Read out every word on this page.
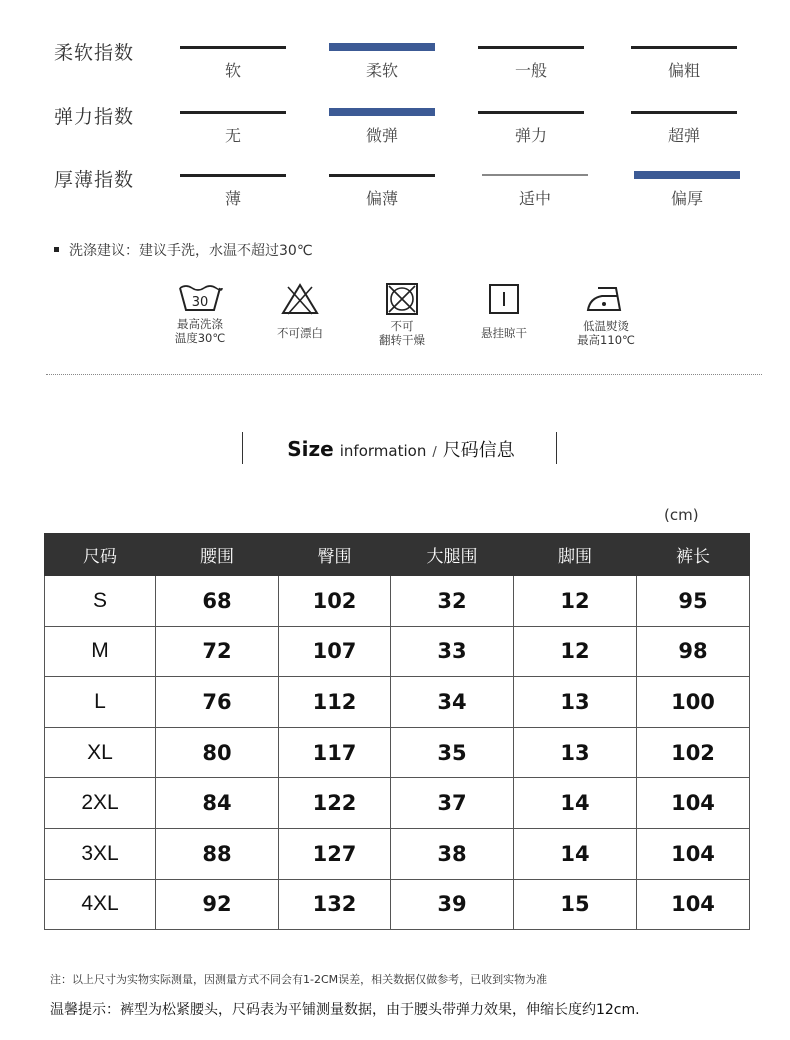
柔软指数
软	柔软	一般	偏粗
弹力指数
无	微弹	弹力	超弹
厚薄指数
薄	偏薄	适中	偏厚
洗涤建议：建议手洗，水温不超过30℃
30
最高洗涤
温度30℃	不可漂白	不可
翻转干燥	悬挂晾干	低温熨烫
最高110℃
Size information / 尺码信息
(cm)
尺码	腰围	臀围	大腿围	脚围	裤长
S	68	102	32	12	95
M	72	107	33	12	98
L	76	112	34	13	100
XL	80	117	35	13	102
2XL	84	122	37	14	104
3XL	88	127	38	14	104
4XL	92	132	39	15	104
注：以上尺寸为实物实际测量，因测量方式不同会有1-2CM误差，相关数据仅做参考，已收到实物为准
温馨提示：裤型为松紧腰头，尺码表为平铺测量数据，由于腰头带弹力效果，伸缩长度约12cm.
